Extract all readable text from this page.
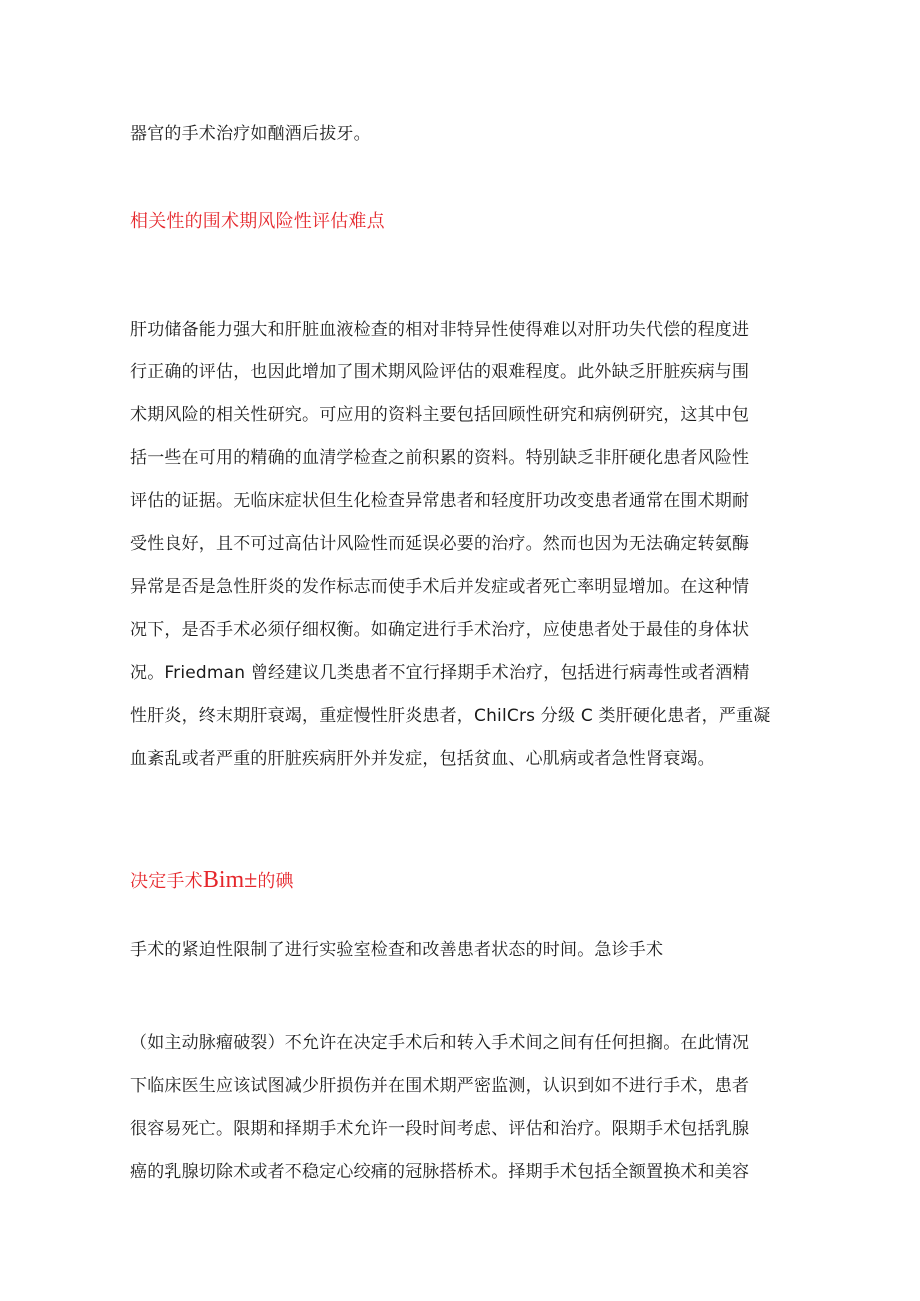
器官的手术治疗如酗酒后拔牙。
相关性的围术期风险性评估难点
肝功储备能力强大和肝脏血液检查的相对非特异性使得难以对肝功失代偿的程度进
行正确的评估，也因此增加了围术期风险评估的艰难程度。此外缺乏肝脏疾病与围
术期风险的相关性研究。可应用的资料主要包括回顾性研究和病例研究，这其中包
括一些在可用的精确的血清学检查之前积累的资料。特别缺乏非肝硬化患者风险性
评估的证据。无临床症状但生化检查异常患者和轻度肝功改变患者通常在围术期耐
受性良好，且不可过高估计风险性而延误必要的治疗。然而也因为无法确定转氨酶
异常是否是急性肝炎的发作标志而使手术后并发症或者死亡率明显增加。在这种情
况下，是否手术必须仔细权衡。如确定进行手术治疗，应使患者处于最佳的身体状
况。Friedman 曾经建议几类患者不宜行择期手术治疗，包括进行病毒性或者酒精
性肝炎，终末期肝衰竭，重症慢性肝炎患者，ChilCrs 分级 C 类肝硬化患者，严重凝
血紊乱或者严重的肝脏疾病肝外并发症，包括贫血、心肌病或者急性肾衰竭。
决定手术Bim±的碘
手术的紧迫性限制了进行实验室检查和改善患者状态的时间。急诊手术
（如主动脉瘤破裂）不允许在决定手术后和转入手术间之间有任何担搁。在此情况
下临床医生应该试图减少肝损伤并在围术期严密监测，认识到如不进行手术，患者
很容易死亡。限期和择期手术允许一段时间考虑、评估和治疗。限期手术包括乳腺
癌的乳腺切除术或者不稳定心绞痛的冠脉搭桥术。择期手术包括全额置换术和美容
